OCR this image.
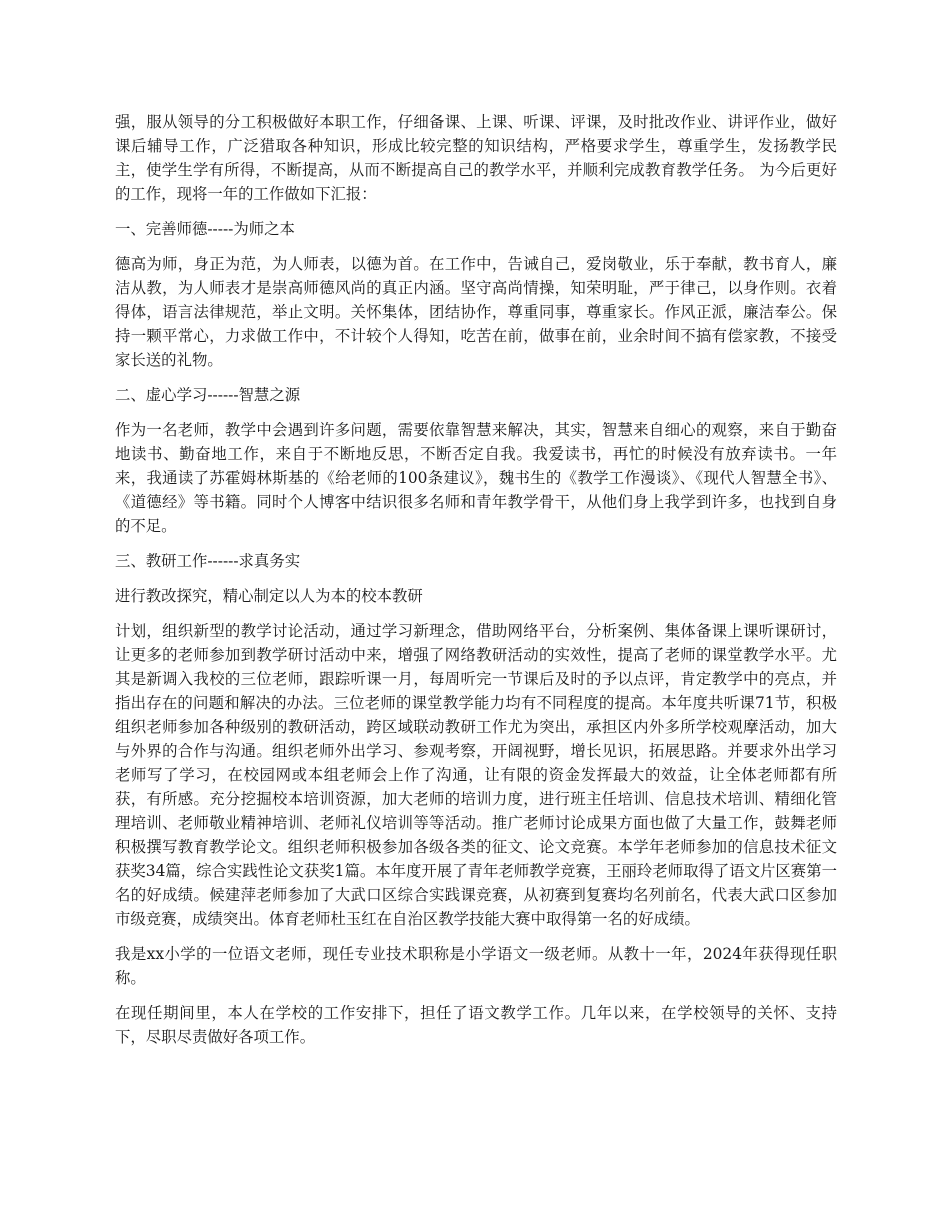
强，服从领导的分工积极做好本职工作，仔细备课、上课、听课、评课，及时批改作业、讲评作业，做好课后辅导工作，广泛猎取各种知识，形成比较完整的知识结构，严格要求学生，尊重学生，发扬教学民主，使学生学有所得，不断提高，从而不断提高自己的教学水平，并顺利完成教育教学任务。 为今后更好的工作，现将一年的工作做如下汇报：

一、完善师德-----为师之本

德高为师，身正为范，为人师表，以德为首。在工作中，告诫自己，爱岗敬业，乐于奉献，教书育人，廉洁从教，为人师表才是崇高师德风尚的真正内涵。坚守高尚情操，知荣明耻，严于律己，以身作则。衣着得体，语言法律规范，举止文明。关怀集体，团结协作，尊重同事，尊重家长。作风正派，廉洁奉公。保持一颗平常心，力求做工作中，不计较个人得知，吃苦在前，做事在前，业余时间不搞有偿家教，不接受家长送的礼物。

二、虚心学习------智慧之源

作为一名老师，教学中会遇到许多问题，需要依靠智慧来解决，其实，智慧来自细心的观察，来自于勤奋地读书、勤奋地工作，来自于不断地反思，不断否定自我。我爱读书，再忙的时候没有放弃读书。一年来，我通读了苏霍姆林斯基的《给老师的100条建议》，魏书生的《教学工作漫谈》、《现代人智慧全书》、《道德经》等书籍。同时个人博客中结识很多名师和青年教学骨干，从他们身上我学到许多，也找到自身的不足。

三、教研工作------求真务实

进行教改探究，精心制定以人为本的校本教研

计划，组织新型的教学讨论活动，通过学习新理念，借助网络平台，分析案例、集体备课上课听课研讨，让更多的老师参加到教学研讨活动中来，增强了网络教研活动的实效性，提高了老师的课堂教学水平。尤其是新调入我校的三位老师，跟踪听课一月，每周听完一节课后及时的予以点评，肯定教学中的亮点，并指出存在的问题和解决的办法。三位老师的课堂教学能力均有不同程度的提高。本年度共听课71节，积极组织老师参加各种级别的教研活动，跨区域联动教研工作尤为突出，承担区内外多所学校观摩活动，加大与外界的合作与沟通。组织老师外出学习、参观考察，开阔视野，增长见识，拓展思路。并要求外出学习老师写了学习，在校园网或本组老师会上作了沟通，让有限的资金发挥最大的效益，让全体老师都有所获，有所感。充分挖掘校本培训资源，加大老师的培训力度，进行班主任培训、信息技术培训、精细化管理培训、老师敬业精神培训、老师礼仪培训等等活动。推广老师讨论成果方面也做了大量工作，鼓舞老师积极撰写教育教学论文。组织老师积极参加各级各类的征文、论文竞赛。本学年老师参加的信息技术征文获奖34篇，综合实践性论文获奖1篇。本年度开展了青年老师教学竞赛，王丽玲老师取得了语文片区赛第一名的好成绩。候建萍老师参加了大武口区综合实践课竞赛，从初赛到复赛均名列前名，代表大武口区参加市级竞赛，成绩突出。体育老师杜玉红在自治区教学技能大赛中取得第一名的好成绩。

我是xx小学的一位语文老师，现任专业技术职称是小学语文一级老师。从教十一年，2024年获得现任职称。

在现任期间里，本人在学校的工作安排下，担任了语文教学工作。几年以来，在学校领导的关怀、支持下，尽职尽责做好各项工作。
